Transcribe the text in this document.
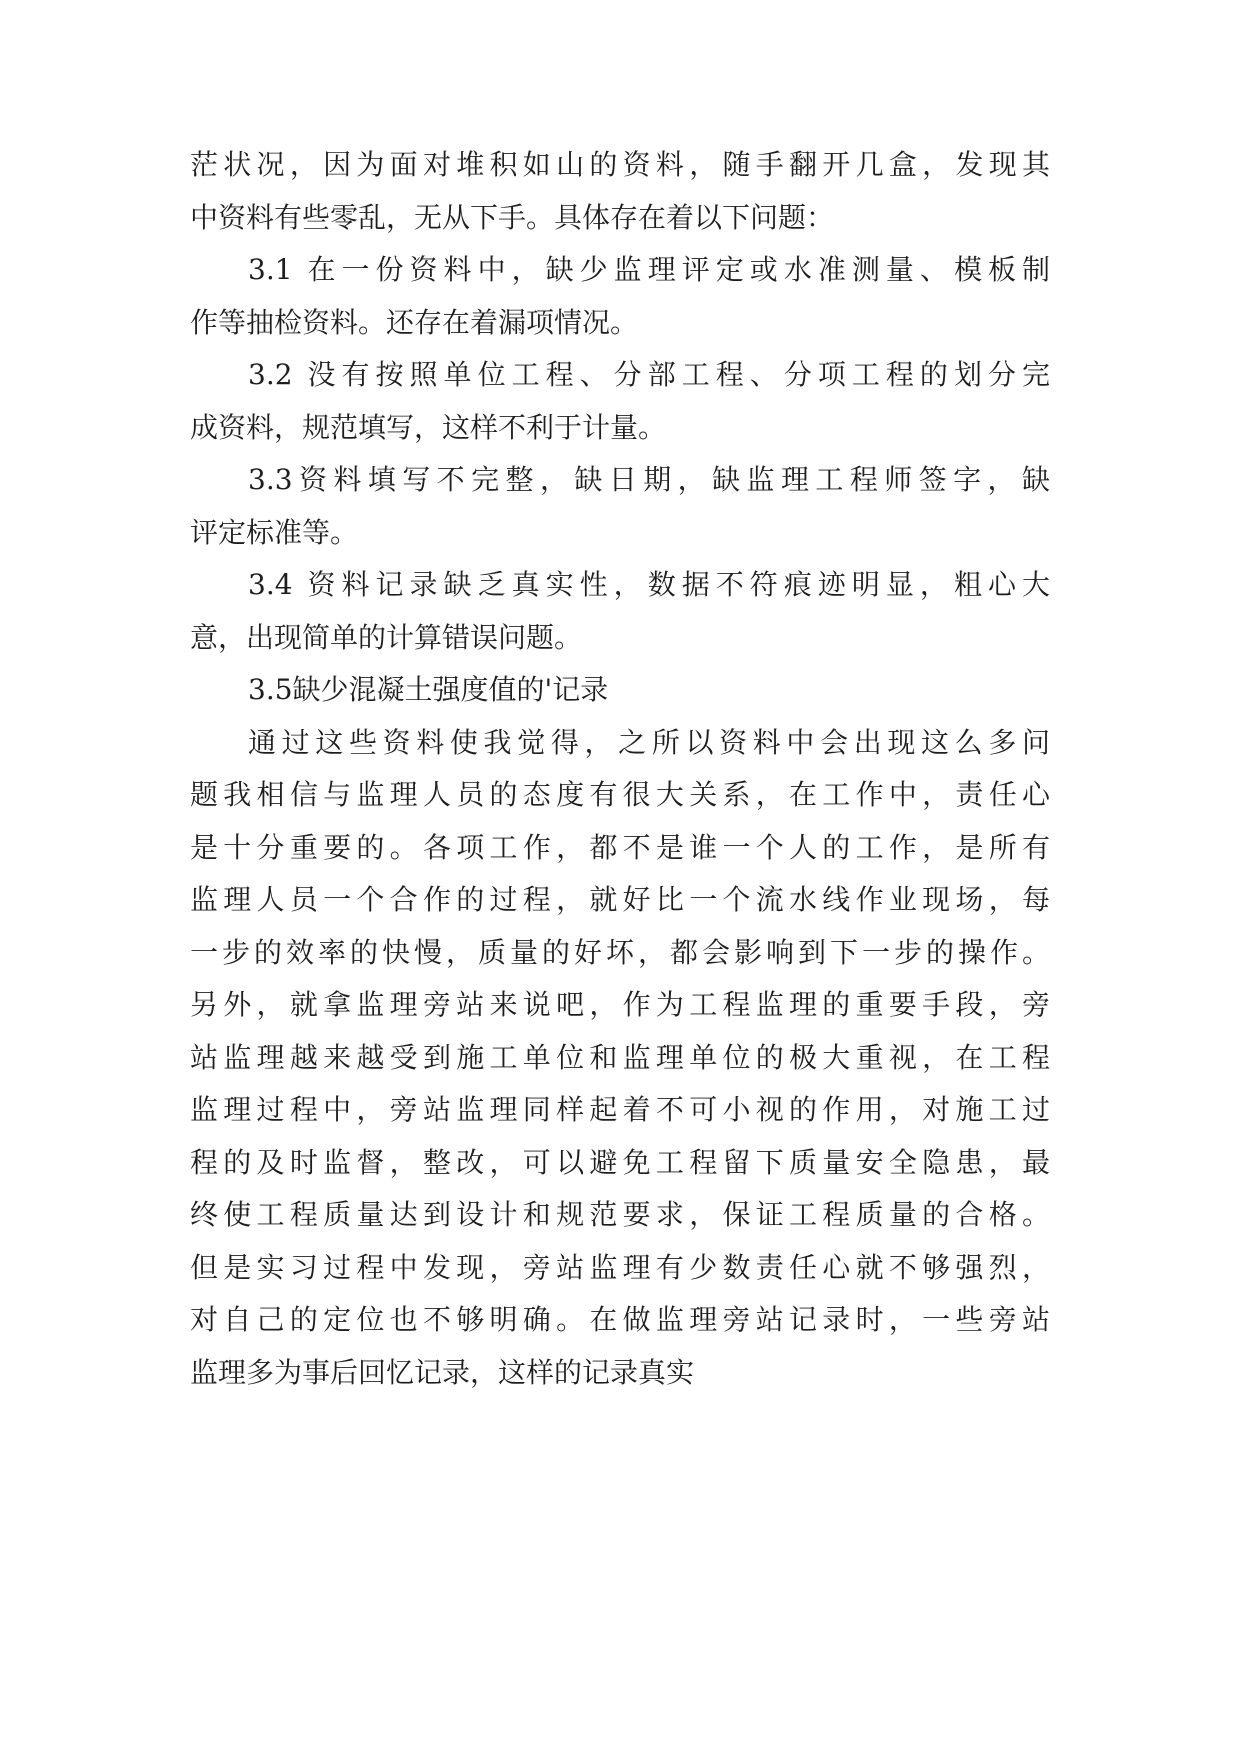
茫状况，因为面对堆积如山的资料，随手翻开几盒，发现其
中资料有些零乱，无从下手。具体存在着以下问题：
3.1 在一份资料中，缺少监理评定或水准测量、模板制
作等抽检资料。还存在着漏项情况。
3.2 没有按照单位工程、分部工程、分项工程的划分完
成资料，规范填写，这样不利于计量。
3.3资料填写不完整，缺日期，缺监理工程师签字，缺
评定标准等。
3.4 资料记录缺乏真实性，数据不符痕迹明显，粗心大
意，出现简单的计算错误问题。
3.5缺少混凝土强度值的'记录
通过这些资料使我觉得，之所以资料中会出现这么多问
题我相信与监理人员的态度有很大关系，在工作中，责任心
是十分重要的。各项工作，都不是谁一个人的工作，是所有
监理人员一个合作的过程，就好比一个流水线作业现场，每
一步的效率的快慢，质量的好坏，都会影响到下一步的操作。
另外，就拿监理旁站来说吧，作为工程监理的重要手段，旁
站监理越来越受到施工单位和监理单位的极大重视，在工程
监理过程中，旁站监理同样起着不可小视的作用，对施工过
程的及时监督，整改，可以避免工程留下质量安全隐患，最
终使工程质量达到设计和规范要求，保证工程质量的合格。
但是实习过程中发现，旁站监理有少数责任心就不够强烈，
对自己的定位也不够明确。在做监理旁站记录时，一些旁站
监理多为事后回忆记录，这样的记录真实
